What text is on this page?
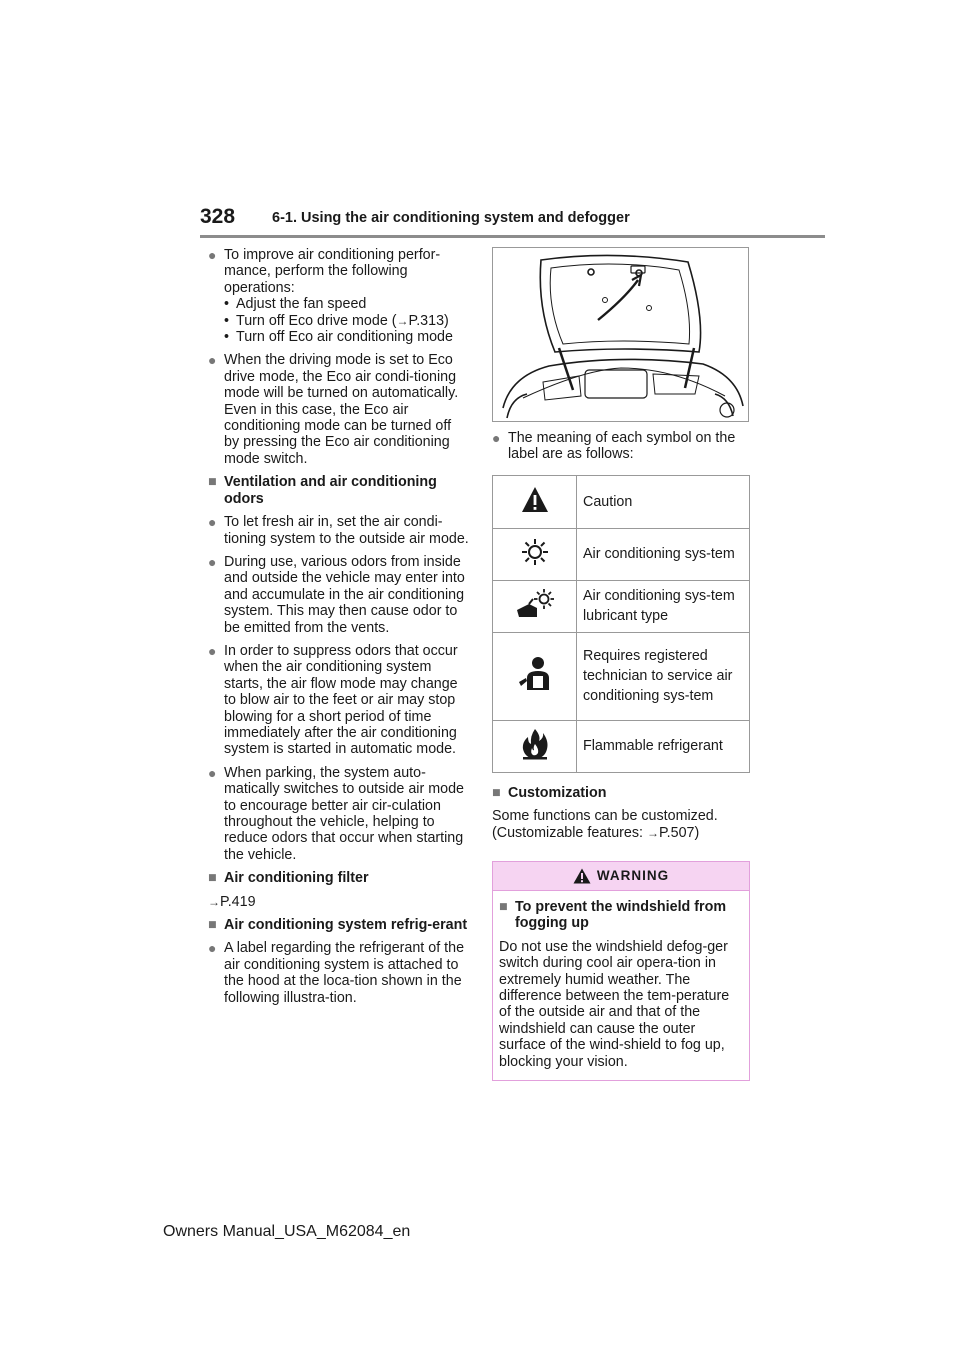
328	6-1. Using the air conditioning system and defogger
● To improve air conditioning perfor-mance, perform the following operations:
• Adjust the fan speed
• Turn off Eco drive mode (→P.313)
• Turn off Eco air conditioning mode
● When the driving mode is set to Eco drive mode, the Eco air condi-tioning mode will be turned on automatically. Even in this case, the Eco air conditioning mode can be turned off by pressing the Eco air conditioning mode switch.
■ Ventilation and air conditioning odors
● To let fresh air in, set the air condi-tioning system to the outside air mode.
● During use, various odors from inside and outside the vehicle may enter into and accumulate in the air conditioning system. This may then cause odor to be emitted from the vents.
● In order to suppress odors that occur when the air conditioning system starts, the air flow mode may change to blow air to the feet or air may stop blowing for a short period of time immediately after the air conditioning system is started in automatic mode.
● When parking, the system auto-matically switches to outside air mode to encourage better air cir-culation throughout the vehicle, helping to reduce odors that occur when starting the vehicle.
■ Air conditioning filter
→P.419
■ Air conditioning system refrig-erant
● A label regarding the refrigerant of the air conditioning system is attached to the hood at the loca-tion shown in the following illustra-tion.
● The meaning of each symbol on the label are as follows:
	Caution
	Air conditioning sys-tem
	Air conditioning sys-tem lubricant type
	Requires registered technician to service air conditioning sys-tem
	Flammable refrigerant
■ Customization
Some functions can be customized.
(Customizable features: →P.507)
WARNING
■ To prevent the windshield from fogging up
Do not use the windshield defog-ger switch during cool air opera-tion in extremely humid weather. The difference between the tem-perature of the outside air and that of the windshield can cause the outer surface of the wind-shield to fog up, blocking your vision.
Owners Manual_USA_M62084_en
